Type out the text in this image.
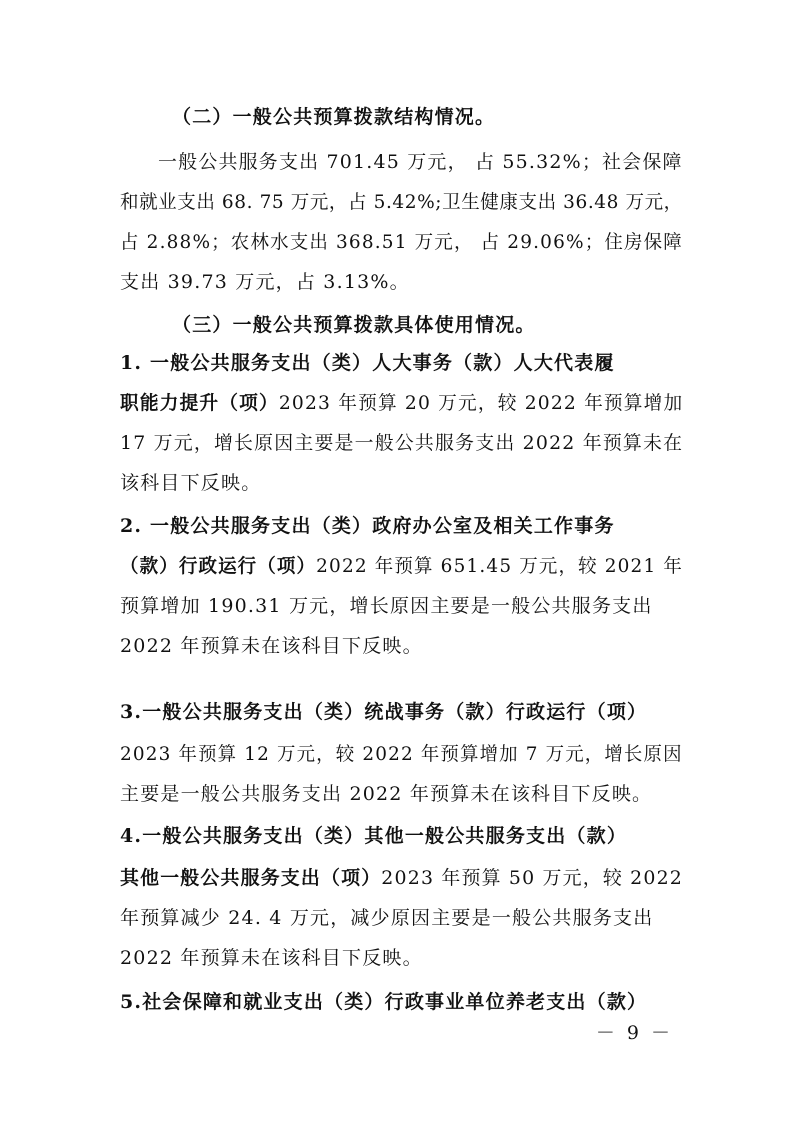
（二）一般公共预算拨款结构情况。
一般公共服务支出 701.45 万元， 占 55.32%；社会保障
和就业支出 68. 75 万元，占 5.42%;卫生健康支出 36.48 万元，
占 2.88%；农林水支出 368.51 万元， 占 29.06%；住房保障
支出 39.73 万元，占 3.13%。
（三）一般公共预算拨款具体使用情况。
1. 一般公共服务支出（类）人大事务（款）人大代表履
职能力提升（项）2023 年预算 20 万元，较 2022 年预算增加
17 万元，增长原因主要是一般公共服务支出 2022 年预算未在
该科目下反映。
2. 一般公共服务支出（类）政府办公室及相关工作事务
（款）行政运行（项）2022 年预算 651.45 万元，较 2021 年
预算增加 190.31 万元，增长原因主要是一般公共服务支出
2022 年预算未在该科目下反映。
3.一般公共服务支出（类）统战事务（款）行政运行（项）
2023 年预算 12 万元，较 2022 年预算增加 7 万元，增长原因
主要是一般公共服务支出 2022 年预算未在该科目下反映。
4.一般公共服务支出（类）其他一般公共服务支出（款）
其他一般公共服务支出（项）2023 年预算 50 万元，较 2022
年预算减少 24. 4 万元，减少原因主要是一般公共服务支出
2022 年预算未在该科目下反映。
5.社会保障和就业支出（类）行政事业单位养老支出（款）
－ 9 －
